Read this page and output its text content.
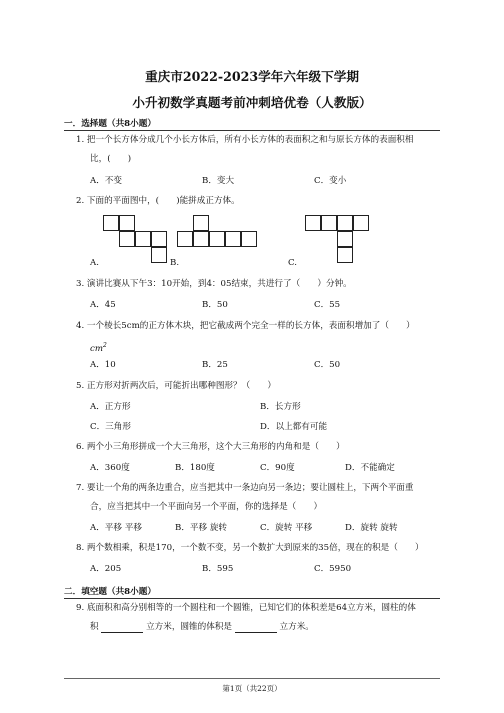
重庆市2022-2023学年六年级下学期
小升初数学真题考前冲刺培优卷（人教版）
一．选择题（共8小题）
1. 把一个长方体分成几个小长方体后，所有小长方体的表面积之和与原长方体的表面积相
比，(　　)
A．不变	B．变大	C．变小
2. 下面的平面图中，(　　)能拼成正方体。
A.	B.	C.
3. 演讲比赛从下午3：10开始，到4：05结束，共进行了（　　）分钟。
A．45	B．50	C．55
4. 一个棱长5cm的正方体木块，把它截成两个完全一样的长方体，表面积增加了（　　）
$cm^2$
A．10	B．25	C．50
5. 正方形对折两次后，可能折出哪种图形？（　　）
A．正方形	B．长方形
C．三角形	D．以上都有可能
6. 两个小三角形拼成一个大三角形，这个大三角形的内角和是（　　）
A．360度	B．180度	C．90度	D．不能确定
7. 要让一个角的两条边重合，应当把其中一条边向另一条边；要让圆柱上，下两个平面重
合，应当把其中一个平面向另一个平面，你的选择是（　　）
A．平移 平移	B．平移 旋转	C．旋转 平移	D．旋转 旋转
8. 两个数相乘，积是170，一个数不变，另一个数扩大到原来的35倍，现在的积是（　　）
A．205	B．595	C．5950
二．填空题（共8小题）
9. 底面积和高分别相等的一个圆柱和一个圆锥，已知它们的体积差是64立方米，圆柱的体
积	立方米，圆锥的体积是	立方米。
第1页（共22页）
